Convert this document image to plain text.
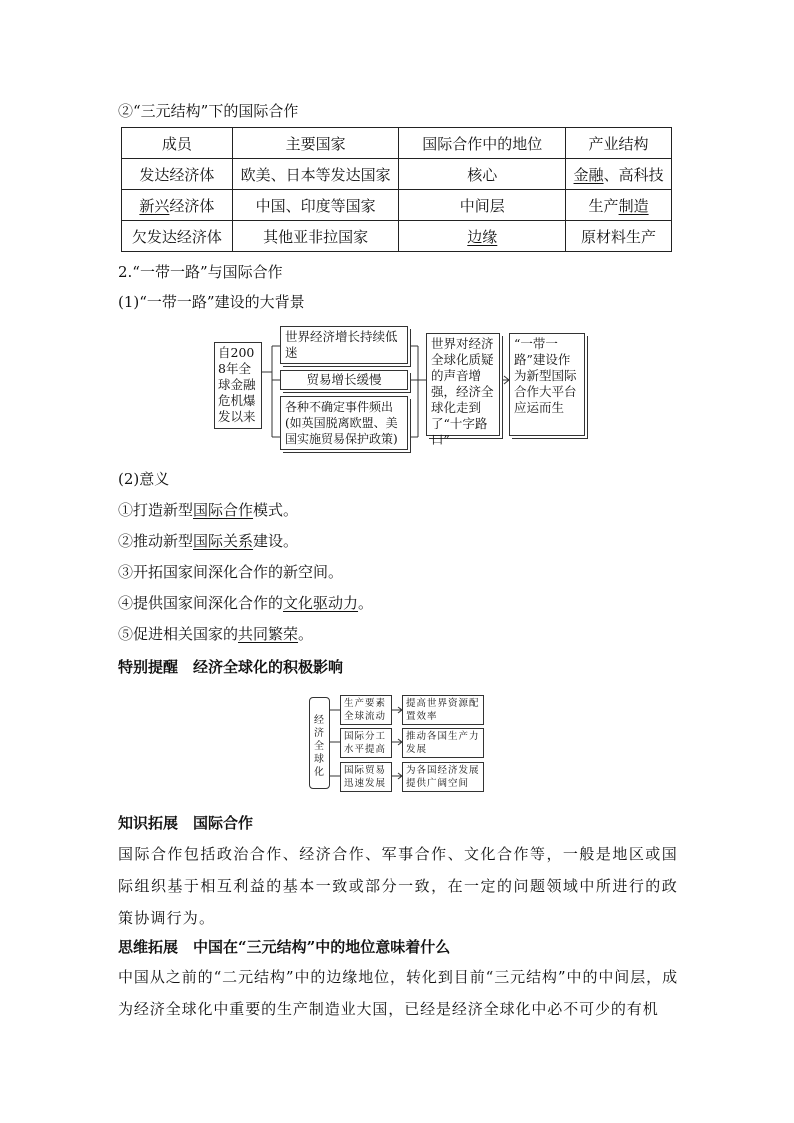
②“三元结构”下的国际合作
成员	主要国家	国际合作中的地位	产业结构
发达经济体	欧美、日本等发达国家	核心	金融、高科技
新兴经济体	中国、印度等国家	中间层	生产制造
欠发达经济体	其他亚非拉国家	边缘	原材料生产
2.“一带一路”与国际合作
(1)“一带一路”建设的大背景
自2008年全球金融危机爆发以来
世界经济增长持续低迷
贸易增长缓慢
各种不确定事件频出(如英国脱离欧盟、美国实施贸易保护政策)
世界对经济全球化质疑的声音增强，经济全球化走到了“十字路口”
“一带一路”建设作为新型国际合作大平台应运而生
(2)意义
①打造新型国际合作模式。
②推动新型国际关系建设。
③开拓国家间深化合作的新空间。
④提供国家间深化合作的文化驱动力。
⑤促进相关国家的共同繁荣。
特别提醒　经济全球化的积极影响
经济全球化
生产要素全球流动
国际分工水平提高
国际贸易迅速发展
提高世界资源配置效率
推动各国生产力发展
为各国经济发展提供广阔空间
知识拓展　国际合作
国际合作包括政治合作、经济合作、军事合作、文化合作等，一般是地区或国际组织基于相互利益的基本一致或部分一致，在一定的问题领域中所进行的政策协调行为。
思维拓展　中国在“三元结构”中的地位意味着什么
中国从之前的“二元结构”中的边缘地位，转化到目前“三元结构”中的中间层，成为经济全球化中重要的生产制造业大国，已经是经济全球化中必不可少的有机
